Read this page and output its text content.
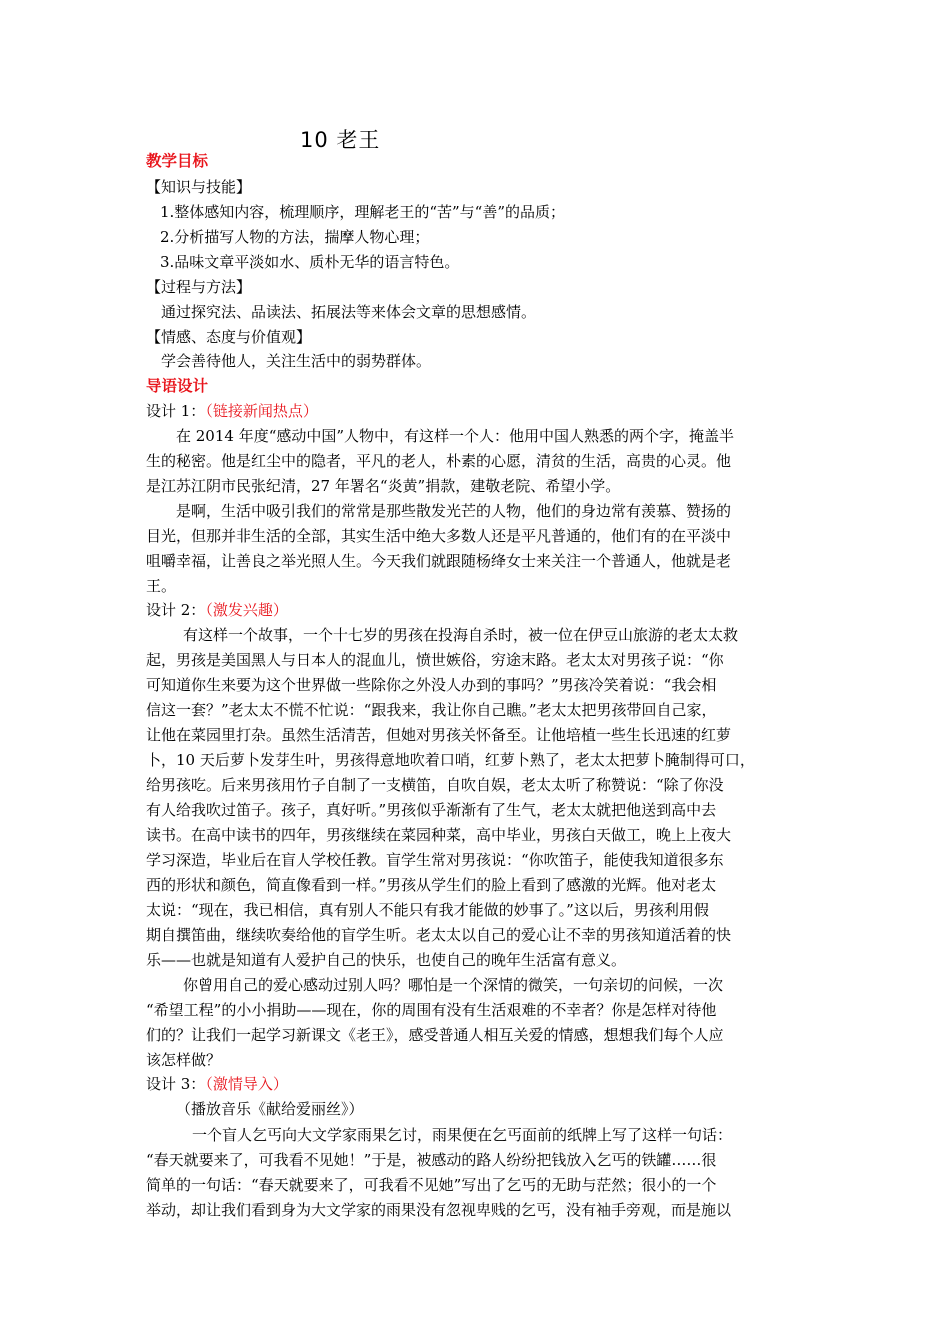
10 老王
教学目标
【知识与技能】
1.整体感知内容，梳理顺序，理解老王的“苦”与“善”的品质；
2.分析描写人物的方法，揣摩人物心理；
3.品味文章平淡如水、质朴无华的语言特色。
【过程与方法】
通过探究法、品读法、拓展法等来体会文章的思想感情。
【情感、态度与价值观】
学会善待他人，关注生活中的弱势群体。
导语设计
设计 1：（链接新闻热点）
在 2014 年度“感动中国”人物中，有这样一个人：他用中国人熟悉的两个字，掩盖半
生的秘密。他是红尘中的隐者，平凡的老人，朴素的心愿，清贫的生活，高贵的心灵。他
是江苏江阴市民张纪清，27 年署名“炎黄”捐款，建敬老院、希望小学。
是啊，生活中吸引我们的常常是那些散发光芒的人物，他们的身边常有羡慕、赞扬的
目光，但那并非生活的全部，其实生活中绝大多数人还是平凡普通的，他们有的在平淡中
咀嚼幸福，让善良之举光照人生。今天我们就跟随杨绛女士来关注一个普通人，他就是老
王。
设计 2：（激发兴趣）
有这样一个故事，一个十七岁的男孩在投海自杀时，被一位在伊豆山旅游的老太太救
起，男孩是美国黑人与日本人的混血儿，愤世嫉俗，穷途末路。老太太对男孩子说：“你
可知道你生来要为这个世界做一些除你之外没人办到的事吗？”男孩冷笑着说：“我会相
信这一套？”老太太不慌不忙说：“跟我来，我让你自己瞧。”老太太把男孩带回自己家，
让他在菜园里打杂。虽然生活清苦，但她对男孩关怀备至。让他培植一些生长迅速的红萝
卜，10 天后萝卜发芽生叶，男孩得意地吹着口哨，红萝卜熟了，老太太把萝卜腌制得可口，
给男孩吃。后来男孩用竹子自制了一支横笛，自吹自娱，老太太听了称赞说：“除了你没
有人给我吹过笛子。孩子，真好听。”男孩似乎渐渐有了生气，老太太就把他送到高中去
读书。在高中读书的四年，男孩继续在菜园种菜，高中毕业，男孩白天做工，晚上上夜大
学习深造，毕业后在盲人学校任教。盲学生常对男孩说：“你吹笛子，能使我知道很多东
西的形状和颜色，简直像看到一样。”男孩从学生们的脸上看到了感激的光辉。他对老太
太说：“现在，我已相信，真有别人不能只有我才能做的妙事了。”这以后，男孩利用假
期自撰笛曲，继续吹奏给他的盲学生听。老太太以自己的爱心让不幸的男孩知道活着的快
乐——也就是知道有人爱护自己的快乐，也使自己的晚年生活富有意义。
你曾用自己的爱心感动过别人吗？哪怕是一个深情的微笑，一句亲切的问候，一次
“希望工程”的小小捐助——现在，你的周围有没有生活艰难的不幸者？你是怎样对待他
们的？让我们一起学习新课文《老王》，感受普通人相互关爱的情感，想想我们每个人应
该怎样做？
设计 3：（激情导入）
（播放音乐《献给爱丽丝》）
一个盲人乞丐向大文学家雨果乞讨，雨果便在乞丐面前的纸牌上写了这样一句话：
“春天就要来了，可我看不见她！”于是，被感动的路人纷纷把钱放入乞丐的铁罐……很
简单的一句话：“春天就要来了，可我看不见她”写出了乞丐的无助与茫然；很小的一个
举动，却让我们看到身为大文学家的雨果没有忽视卑贱的乞丐，没有袖手旁观，而是施以
